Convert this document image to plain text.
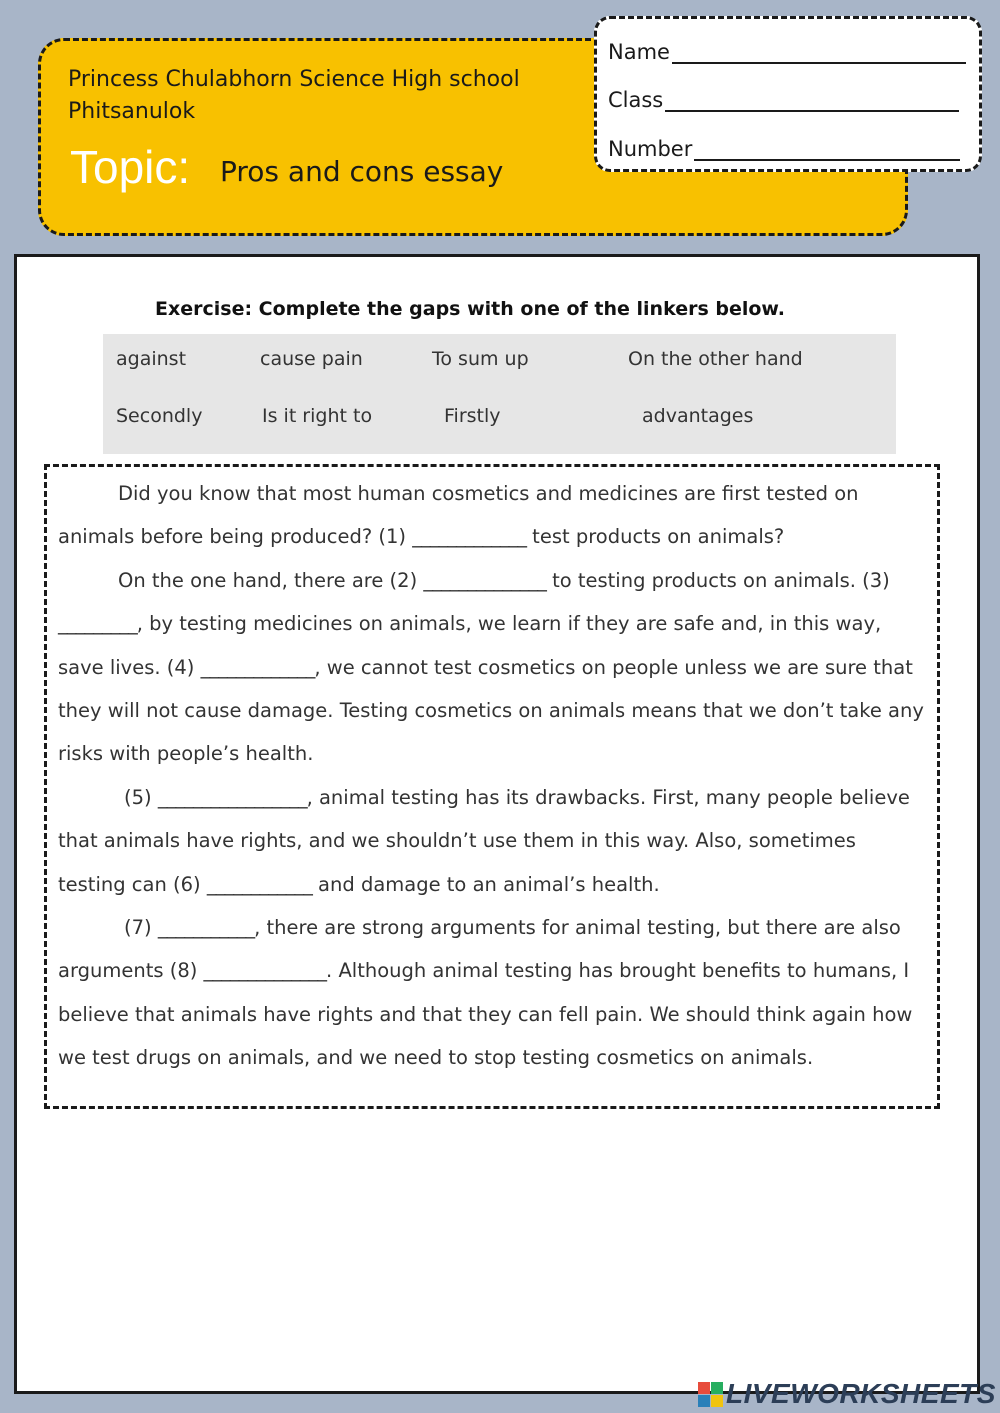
Princess Chulabhorn Science High school
Phitsanulok
Topic: Pros and cons essay
Name
Class
Number
Exercise: Complete the gaps with one of the linkers below.
against	cause pain	To sum up	On the other hand
Secondly	Is it right to	Firstly	advantages

Did you know that most human cosmetics and medicines are first tested on animals before being produced? (1) _____________ test products on animals?

On the one hand, there are (2) ______________ to testing products on animals. (3) _________, by testing medicines on animals, we learn if they are safe and, in this way, save lives. (4) _____________, we cannot test cosmetics on people unless we are sure that they will not cause damage. Testing cosmetics on animals means that we don’t take any risks with people’s health.

(5) _________________, animal testing has its drawbacks. First, many people believe that animals have rights, and we shouldn’t use them in this way. Also, sometimes testing can (6) ____________ and damage to an animal’s health.

(7) ___________, there are strong arguments for animal testing, but there are also arguments (8) ______________. Although animal testing has brought benefits to humans, I believe that animals have rights and that they can fell pain. We should think again how we test drugs on animals, and we need to stop testing cosmetics on animals.

LIVEWORKSHEETS
